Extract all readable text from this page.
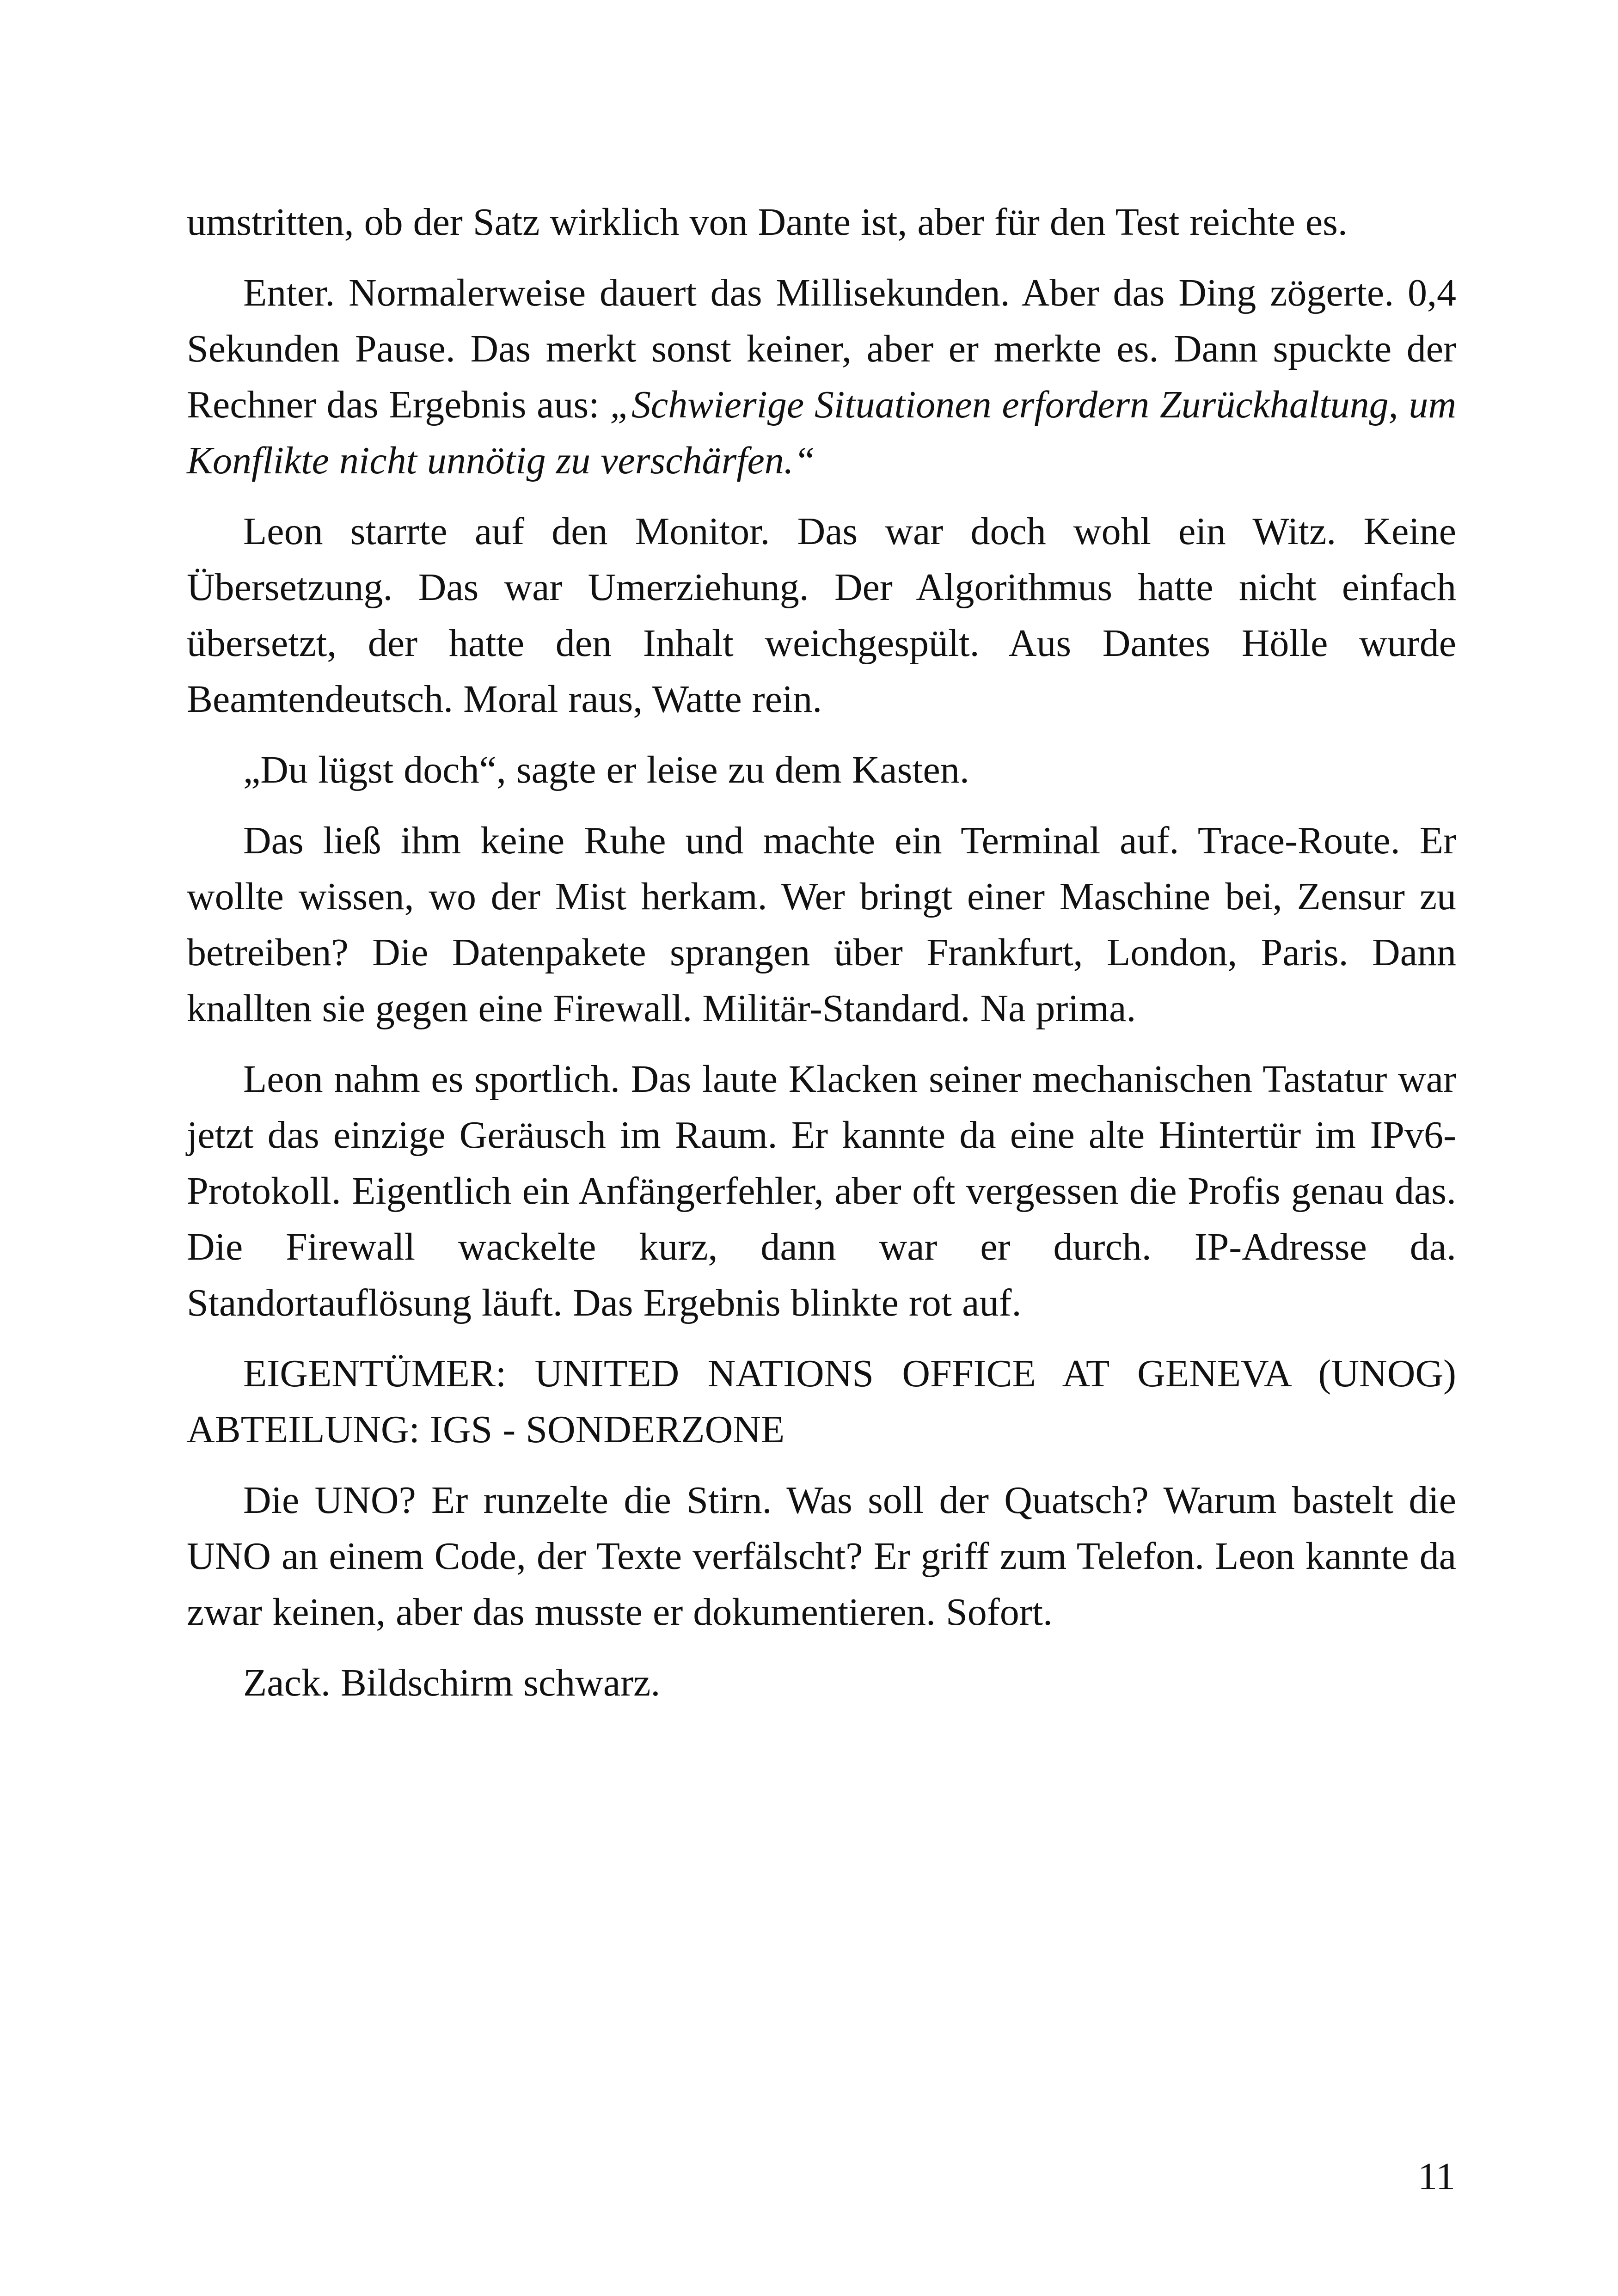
umstritten, ob der Satz wirklich von Dante ist, aber für den Test reichte es.

Enter. Normalerweise dauert das Millisekunden. Aber das Ding zögerte. 0,4 Sekunden Pause. Das merkt sonst keiner, aber er merkte es. Dann spuckte der Rechner das Ergebnis aus: „Schwierige Situationen erfordern Zurückhaltung, um Konflikte nicht unnötig zu verschärfen.“

Leon starrte auf den Monitor. Das war doch wohl ein Witz. Keine Übersetzung. Das war Umerziehung. Der Algorithmus hatte nicht einfach übersetzt, der hatte den Inhalt weichgespült. Aus Dantes Hölle wurde Beamtendeutsch. Moral raus, Watte rein.

„Du lügst doch“, sagte er leise zu dem Kasten.

Das ließ ihm keine Ruhe und machte ein Terminal auf. Trace-Route. Er wollte wissen, wo der Mist herkam. Wer bringt einer Maschine bei, Zensur zu betreiben? Die Datenpakete sprangen über Frankfurt, London, Paris. Dann knallten sie gegen eine Firewall. Militär-Standard. Na prima.

Leon nahm es sportlich. Das laute Klacken seiner mechanischen Tastatur war jetzt das einzige Geräusch im Raum. Er kannte da eine alte Hintertür im IPv6-Protokoll. Eigentlich ein Anfängerfehler, aber oft vergessen die Profis genau das. Die Firewall wackelte kurz, dann war er durch. IP-Adresse da. Standortauflösung läuft. Das Ergebnis blinkte rot auf.

EIGENTÜMER: UNITED NATIONS OFFICE AT GENEVA (UNOG) ABTEILUNG: IGS - SONDERZONE

Die UNO? Er runzelte die Stirn. Was soll der Quatsch? Warum bastelt die UNO an einem Code, der Texte verfälscht? Er griff zum Telefon. Leon kannte da zwar keinen, aber das musste er dokumentieren. Sofort.

Zack. Bildschirm schwarz.

11
